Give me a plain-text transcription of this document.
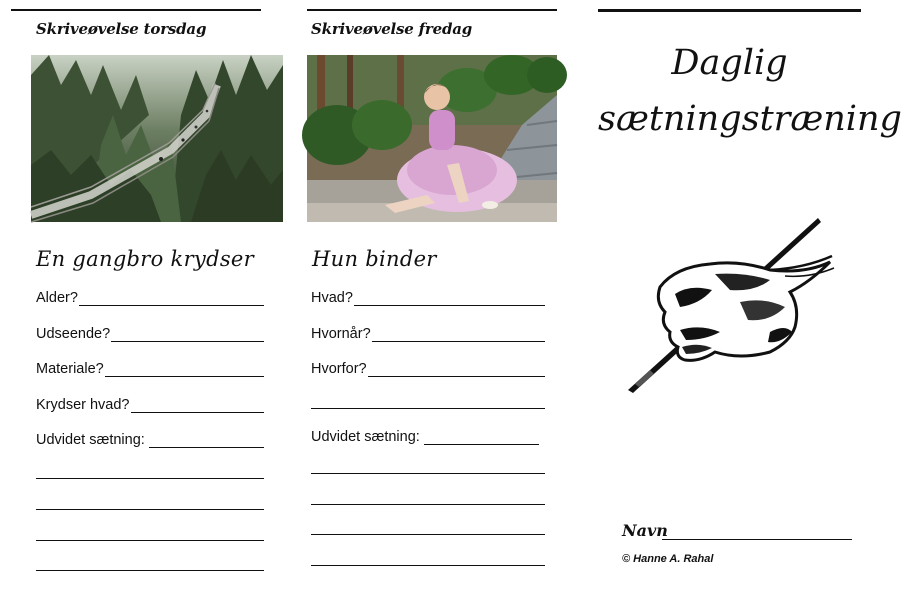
Skriveøvelse torsdag
En gangbro krydser
Alder?
Udseende?
Materiale?
Krydser hvad?
Udvidet sætning:
Skriveøvelse fredag
Hun binder
Hvad?
Hvornår?
Hvorfor?
Udvidet sætning:
Daglig
sætningstræning
Navn
© Hanne A. Rahal
